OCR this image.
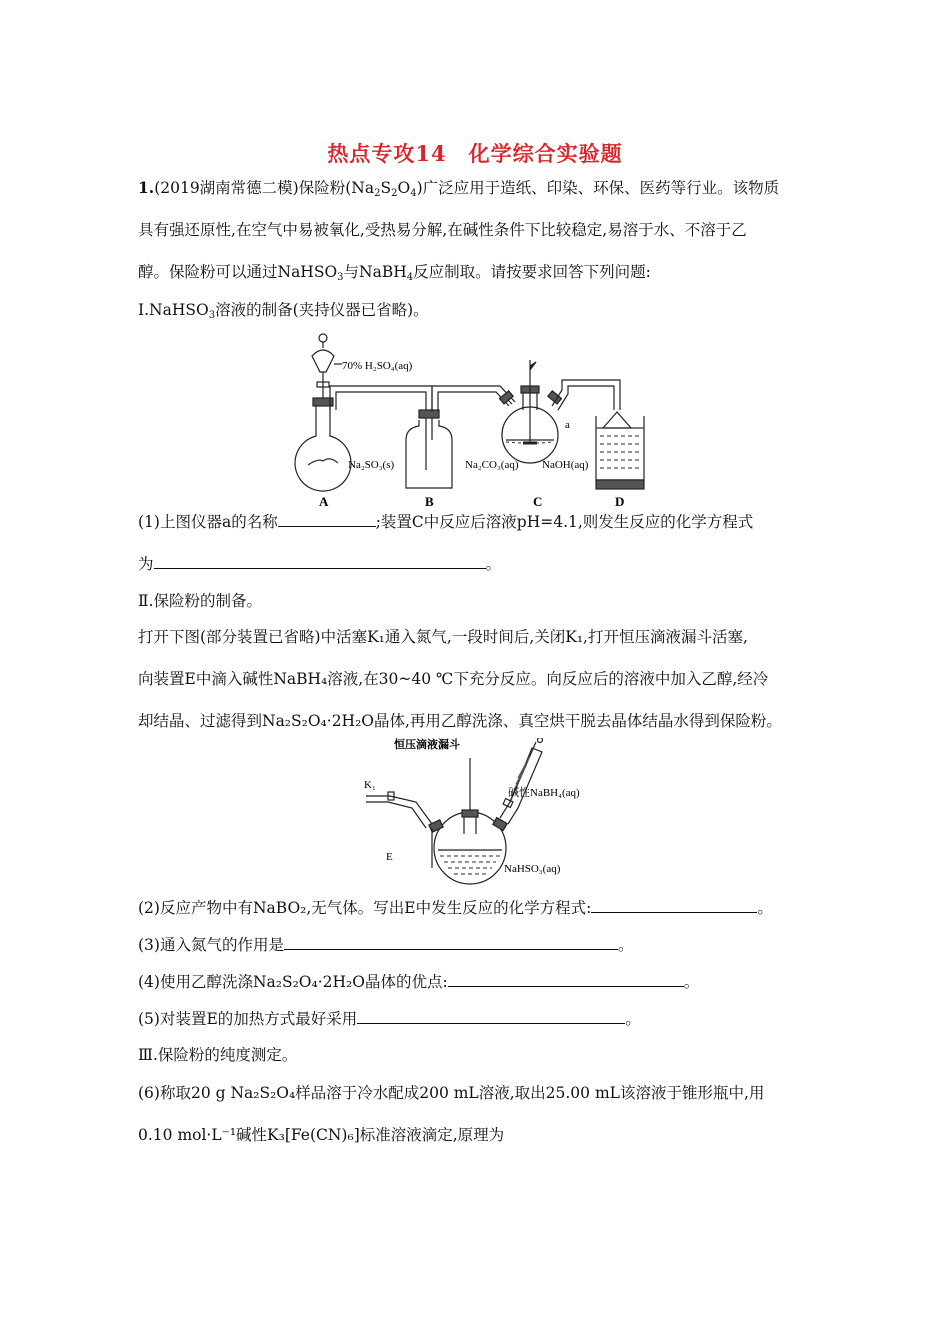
热点专攻14　化学综合实验题
1.(2019湖南常德二模)保险粉$(Na_2S_2O_4)$广泛应用于造纸、印染、环保、医药等行业。该物质
具有强还原性,在空气中易被氧化,受热易分解,在碱性条件下比较稳定,易溶于水、不溶于乙
醇。保险粉可以通过NaHSO$_3$与NaBH$_4$反应制取。请按要求回答下列问题:
Ⅰ.NaHSO$_3$溶液的制备(夹持仪器已省略)。
70% H₂SO₄(aq)
Na₂SO₃(s)	Na₂CO₃(aq) NaOH(aq)
a
A	B	C	D
(1)上图仪器a的名称	;装置C中反应后溶液pH=4.1,则发生反应的化学方程式
为	。
Ⅱ.保险粉的制备。
打开下图(部分装置已省略)中活塞K₁通入氮气,一段时间后,关闭K₁,打开恒压滴液漏斗活塞,
向装置E中滴入碱性NaBH₄溶液,在30~40 ℃下充分反应。向反应后的溶液中加入乙醇,经冷
却结晶、过滤得到Na₂S₂O₄·2H₂O晶体,再用乙醇洗涤、真空烘干脱去晶体结晶水得到保险粉。
恒压滴液漏斗
K₁
E
碱性NaBH₄(aq)
NaHSO₃(aq)
(2)反应产物中有NaBO₂,无气体。写出E中发生反应的化学方程式:	。
(3)通入氮气的作用是	。
(4)使用乙醇洗涤Na₂S₂O₄·2H₂O晶体的优点:	。
(5)对装置E的加热方式最好采用	。
Ⅲ.保险粉的纯度测定。
(6)称取20 g Na₂S₂O₄样品溶于冷水配成200 mL溶液,取出25.00 mL该溶液于锥形瓶中,用
0.10 mol·L⁻¹碱性K₃[Fe(CN)₆]标准溶液滴定,原理为
